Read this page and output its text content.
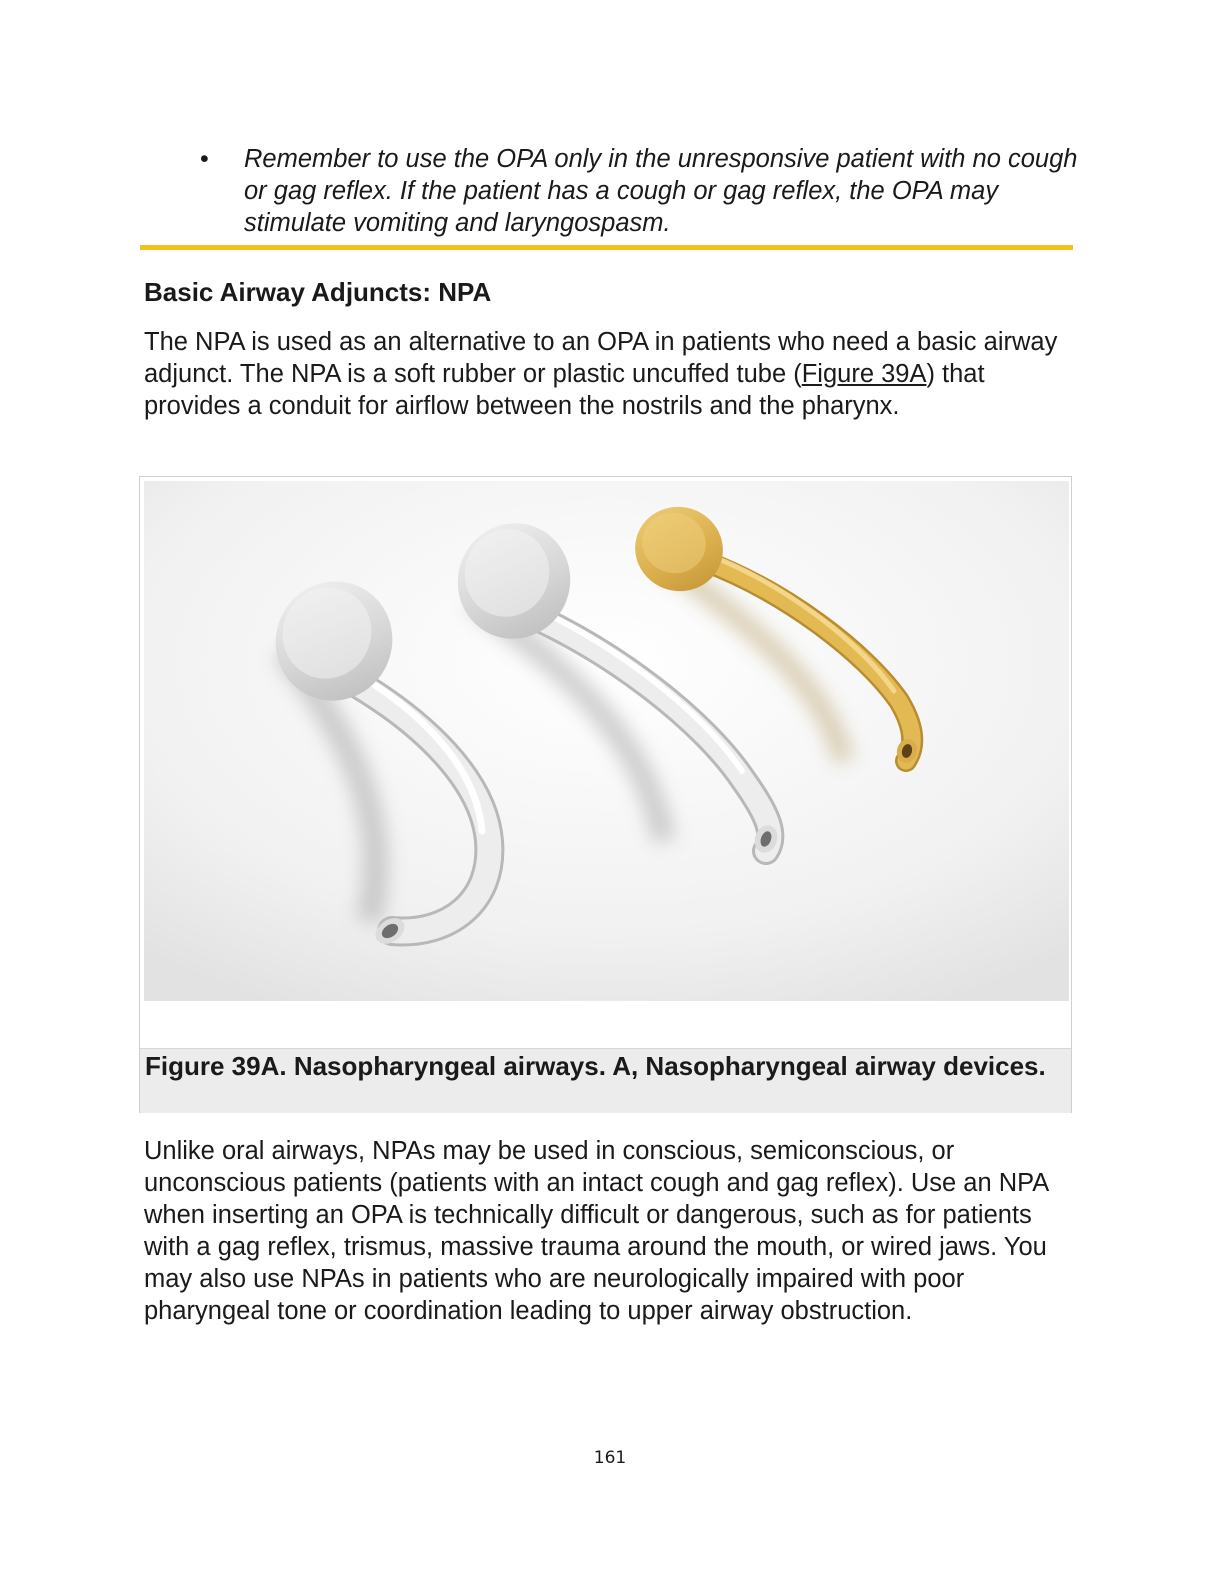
• Remember to use the OPA only in the unresponsive patient with no cough or gag reflex. If the patient has a cough or gag reflex, the OPA may stimulate vomiting and laryngospasm.
Basic Airway Adjuncts: NPA

The NPA is used as an alternative to an OPA in patients who need a basic airway adjunct. The NPA is a soft rubber or plastic uncuffed tube (Figure 39A) that provides a conduit for airflow between the nostrils and the pharynx.

Figure 39A. Nasopharyngeal airways. A, Nasopharyngeal airway devices.

Unlike oral airways, NPAs may be used in conscious, semiconscious, or unconscious patients (patients with an intact cough and gag reflex). Use an NPA when inserting an OPA is technically difficult or dangerous, such as for patients with a gag reflex, trismus, massive trauma around the mouth, or wired jaws. You may also use NPAs in patients who are neurologically impaired with poor pharyngeal tone or coordination leading to upper airway obstruction.

161
